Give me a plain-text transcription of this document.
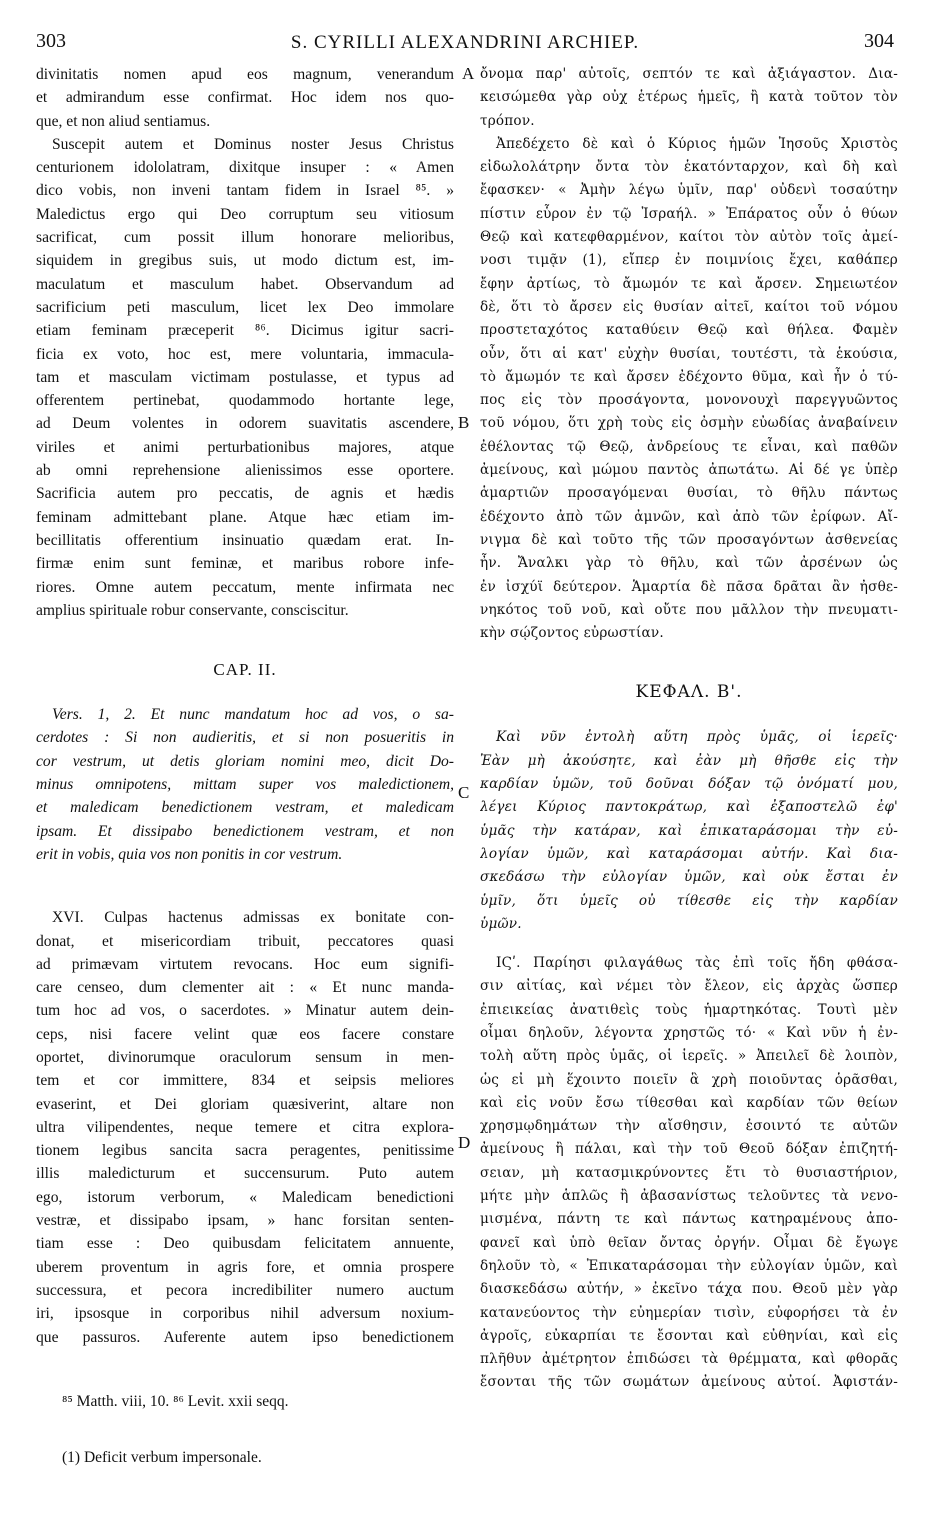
303	S. CYRILLI ALEXANDRINI ARCHIEP.	304
divinitatis nomen apud eos magnum, venerandum
et admirandum esse confirmat. Hoc idem nos quo-
que, et non aliud sentiamus.
Suscepit autem et Dominus noster Jesus Christus
centurionem idololatram, dixitque insuper : « Amen
dico vobis, non inveni tantam fidem in Israel ⁸⁵. »
Maledictus ergo qui Deo corruptum seu vitiosum
sacrificat, cum possit illum honorare melioribus,
siquidem in gregibus suis, ut modo dictum est, im-
maculatum et masculum habet. Observandum ad
sacrificium peti masculum, licet lex Deo immolare
etiam feminam præceperit ⁸⁶. Dicimus igitur sacri-
ficia ex voto, hoc est, mere voluntaria, immacula-
tam et masculam victimam postulasse, et typus ad
offerentem pertinebat, quodammodo hortante lege,
ad Deum volentes in odorem suavitatis ascendere,
viriles et animi perturbationibus majores, atque
ab omni reprehensione alienissimos esse oportere.
Sacrificia autem pro peccatis, de agnis et hædis
feminam admittebant plane. Atque hæc etiam im-
becillitatis offerentium insinuatio quædam erat. In-
firmæ enim sunt feminæ, et maribus robore infe-
riores. Omne autem peccatum, mente infirmata nec
amplius spirituale robur conservante, consciscitur.
CAP. II.
Vers. 1, 2. Et nunc mandatum hoc ad vos, o sa-
cerdotes : Si non audieritis, et si non posueritis in
cor vestrum, ut detis gloriam nomini meo, dicit Do-
minus omnipotens, mittam super vos maledictionem,
et maledicam benedictionem vestram, et maledicam
ipsam. Et dissipabo benedictionem vestram, et non
erit in vobis, quia vos non ponitis in cor vestrum.
XVI. Culpas hactenus admissas ex bonitate con-
donat, et misericordiam tribuit, peccatores quasi
ad primævam virtutem revocans. Hoc eum signifi-
care censeo, dum clementer ait : « Et nunc manda-
tum hoc ad vos, o sacerdotes. » Minatur autem dein-
ceps, nisi facere velint quæ eos facere constare
oportet, divinorumque oraculorum sensum in men-
tem et cor immittere, 834 et seipsis meliores
evaserint, et Dei gloriam quæsiverint, altare non
ultra vilipendentes, neque temere et citra explora-
tionem legibus sancita sacra peragentes, penitissime
illis maledicturum et succensurum. Puto autem
ego, istorum verborum, « Maledicam benedictioni
vestræ, et dissipabo ipsam, » hanc forsitan senten-
tiam esse : Deo quibusdam felicitatem annuente,
uberem proventum in agris fore, et omnia prospere
successura, et pecora incredibiliter numero auctum
iri, ipsosque in corporibus nihil adversum noxium-
que passuros. Auferente autem ipso benedictionem
ὄνομα παρ' αὐτοῖς, σεπτόν τε καὶ ἀξιάγαστον. Δια-
κεισώμεθα γὰρ οὐχ ἑτέρως ἡμεῖς, ἢ κατὰ τοῦτον τὸν
τρόπον.
Ἀπεδέχετο δὲ καὶ ὁ Κύριος ἡμῶν Ἰησοῦς Χριστὸς
εἰδωλολάτρην ὄντα τὸν ἑκατόνταρχον, καὶ δὴ καὶ
ἔφασκεν· « Ἀμὴν λέγω ὑμῖν, παρ' οὐδενὶ τοσαύτην
πίστιν εὗρον ἐν τῷ Ἰσραήλ. » Ἐπάρατος οὖν ὁ θύων
Θεῷ καὶ κατεφθαρμένον, καίτοι τὸν αὐτὸν τοῖς ἀμεί-
νοσι τιμᾷν (1), εἴπερ ἐν ποιμνίοις ἔχει, καθάπερ
ἔφην ἀρτίως, τὸ ἄμωμόν τε καὶ ἄρσεν. Σημειωτέον
δὲ, ὅτι τὸ ἄρσεν εἰς θυσίαν αἰτεῖ, καίτοι τοῦ νόμου
προστεταχότος καταθύειν Θεῷ καὶ θήλεα. Φαμὲν
οὖν, ὅτι αἱ κατ' εὐχὴν θυσίαι, τουτέστι, τὰ ἑκούσια,
τὸ ἄμωμόν τε καὶ ἄρσεν ἐδέχοντο θῦμα, καὶ ἦν ὁ τύ-
πος εἰς τὸν προσάγοντα, μονονουχὶ παρεγγυῶντος
τοῦ νόμου, ὅτι χρὴ τοὺς εἰς ὀσμὴν εὐωδίας ἀναβαίνειν
ἐθέλοντας τῷ Θεῷ, ἀνδρείους τε εἶναι, καὶ παθῶν
ἀμείνους, καὶ μώμου παντὸς ἀπωτάτω. Αἱ δέ γε ὑπὲρ
ἁμαρτιῶν προσαγόμεναι θυσίαι, τὸ θῆλυ πάντως
ἐδέχοντο ἀπὸ τῶν ἀμνῶν, καὶ ἀπὸ τῶν ἐρίφων. Αἴ-
νιγμα δὲ καὶ τοῦτο τῆς τῶν προσαγόντων ἀσθενείας
ἦν. Ἄναλκι γὰρ τὸ θῆλυ, καὶ τῶν ἀρσένων ὡς
ἐν ἰσχύϊ δεύτερον. Ἁμαρτία δὲ πᾶσα δρᾶται ἂν ἠσθε-
νηκότος τοῦ νοῦ, καὶ οὔτε που μᾶλλον τὴν πνευματι-
κὴν σῴζοντος εὐρωστίαν.
ΚΕΦΑΛ. Β'.
Καὶ νῦν ἐντολὴ αὕτη πρὸς ὑμᾶς, οἱ ἱερεῖς·
Ἐὰν μὴ ἀκούσητε, καὶ ἐὰν μὴ θῆσθε εἰς τὴν
καρδίαν ὑμῶν, τοῦ δοῦναι δόξαν τῷ ὀνόματί μου,
λέγει Κύριος παντοκράτωρ, καὶ ἐξαποστελῶ ἐφ'
ὑμᾶς τὴν κατάραν, καὶ ἐπικαταράσομαι τὴν εὐ-
λογίαν ὑμῶν, καὶ καταράσομαι αὐτήν. Καὶ δια-
σκεδάσω τὴν εὐλογίαν ὑμῶν, καὶ οὐκ ἔσται ἐν
ὑμῖν, ὅτι ὑμεῖς οὐ τίθεσθε εἰς τὴν καρδίαν
ὑμῶν.
ΙϚʹ. Παρίησι φιλαγάθως τὰς ἐπὶ τοῖς ἤδη φθάσα-
σιν αἰτίας, καὶ νέμει τὸν ἔλεον, εἰς ἀρχὰς ὥσπερ
ἐπιεικείας ἀνατιθεὶς τοὺς ἡμαρτηκότας. Τουτὶ μὲν
οἶμαι δηλοῦν, λέγοντα χρηστῶς τό· « Καὶ νῦν ἡ ἐν-
τολὴ αὕτη πρὸς ὑμᾶς, οἱ ἱερεῖς. » Ἀπειλεῖ δὲ λοιπὸν,
ὡς εἰ μὴ ἕχοιντο ποιεῖν ἃ χρὴ ποιοῦντας ὁρᾶσθαι,
καὶ εἰς νοῦν ἔσω τίθεσθαι καὶ καρδίαν τῶν θείων
χρησμῳδημάτων τὴν αἴσθησιν, ἐσοιντό τε αὐτῶν
ἀμείνους ἢ πάλαι, καὶ τὴν τοῦ Θεοῦ δόξαν ἐπιζητή-
σειαν, μὴ κατασμικρύνοντες ἔτι τὸ θυσιαστήριον,
μήτε μὴν ἁπλῶς ἢ ἀβασανίστως τελοῦντες τὰ νενο-
μισμένα, πάντη τε καὶ πάντως κατηραμένους ἀπο-
φανεῖ καὶ ὑπὸ θεῖαν ὄντας ὀργήν. Οἶμαι δὲ ἔγωγε
δηλοῦν τὸ, « Ἐπικαταράσομαι τὴν εὐλογίαν ὑμῶν, καὶ
διασκεδάσω αὐτήν, » ἐκεῖνο τάχα που. Θεοῦ μὲν γὰρ
κατανεύοντος τὴν εὐημερίαν τισὶν, εὐφορήσει τὰ ἐν
ἀγροῖς, εὐκαρπίαι τε ἔσονται καὶ εὐθηνίαι, καὶ εἰς
πλῆθυν ἀμέτρητον ἐπιδώσει τὰ θρέμματα, καὶ φθορᾶς
ἔσονται τῆς τῶν σωμάτων ἀμείνους αὐτοί. Ἀφιστάν-
A
B
C
D
⁸⁵ Matth. viii, 10. ⁸⁶ Levit. xxii seqq.
(1) Deficit verbum impersonale.
